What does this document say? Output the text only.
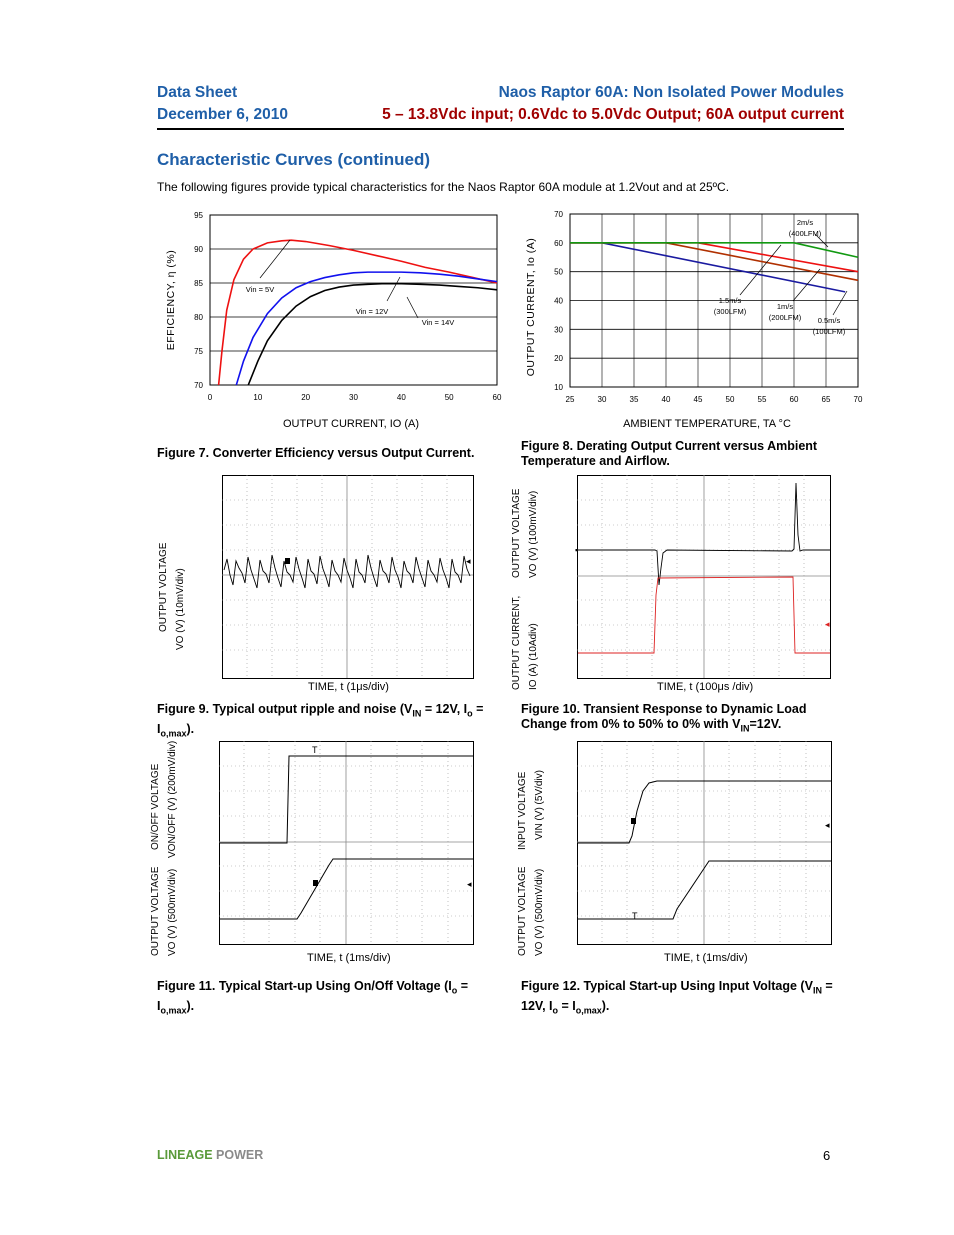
Data Sheet
December 6, 2010
Naos Raptor 60A: Non Isolated Power Modules
5 – 13.8Vdc input; 0.6Vdc to 5.0Vdc Output; 60A output current
Characteristic Curves (continued)
The following figures provide typical characteristics for the Naos Raptor 60A module at 1.2Vout and at 25ºC.
70
75
80
85
90
95
0	10	20	30	40	50	60
Vin = 5V
Vin = 12V
Vin = 14V
OUTPUT CURRENT, IO (A)
EFFICIENCY, η (%)
Figure 7. Converter Efficiency versus Output Current.
10
20
30
40
50
60
70
25	30	35	40	45	50	55	60	65	70
2m/s
(400LFM)
1.5m/s
(300LFM)
1m/s
(200LFM) 0.5m/s
(100LFM)
AMBIENT TEMPERATURE, TA °C
OUTPUT CURRENT, Io (A)
Figure 8. Derating Output Current versus Ambient Temperature and Airflow.
◂
OUTPUT VOLTAGE VO (V) (10mV/div)
TIME, t (1μs/div)
Figure 9. Typical output ripple and noise ($V_{IN} = 12V$, $I_o = I_{o,max}$).
▪
◂
OUTPUT VOLTAGE VO (V) (100mV/div)
OUTPUT CURRENT, IO (A) (10Adiv)	TIME, t (100μs /div)
Figure 10. Transient Response to Dynamic Load Change from 0% to 50% to 0% with $V_{IN}=12V$.
T
◂
ON/OFF VOLTAGE VON/OFF (V) (200mV/div)
OUTPUT VOLTAGE VO (V) (500mV/div)
TIME, t (1ms/div)
Figure 11. Typical Start-up Using On/Off Voltage $(I_o = I_{o,max})$.
T
◂
INPUT VOLTAGE VIN (V) (5V/div)
OUTPUT VOLTAGE VO (V) (500mV/div)
TIME, t (1ms/div)
Figure 12. Typical Start-up Using Input Voltage ($V_{IN} = 12V$, $I_o = I_{o,max}$).
LINEAGE POWER	6
